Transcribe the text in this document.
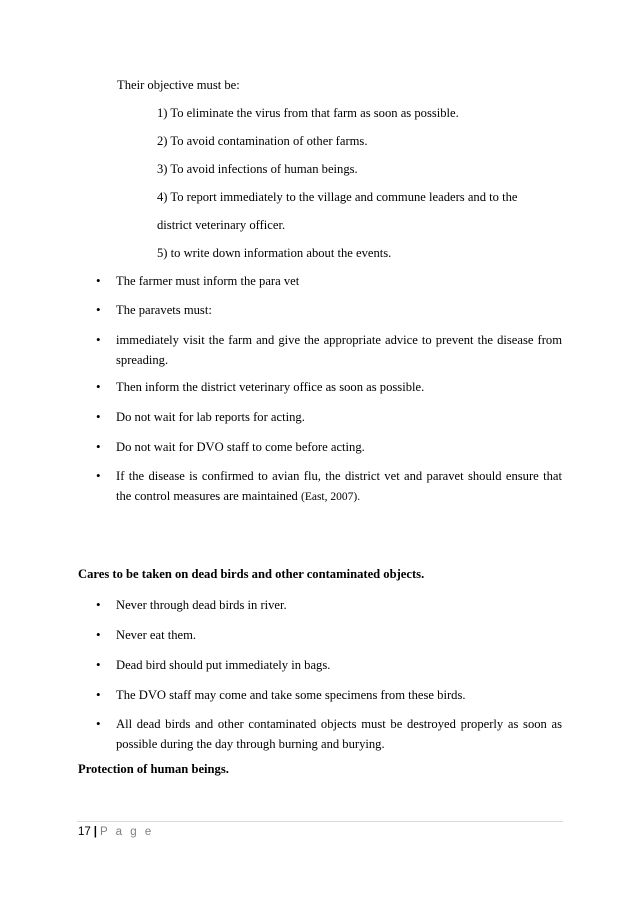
Their objective must be:
1) To eliminate the virus from that farm as soon as possible.
2) To avoid contamination of other farms.
3) To avoid infections of human beings.
4) To report immediately to the village and commune leaders and to the
district veterinary officer.
5) to write down information about the events.
•	The farmer must inform the para vet
•	The paravets must:
•	immediately visit the farm and give the appropriate advice to prevent the disease from spreading.
•	Then inform the district veterinary office as soon as possible.
•	Do not wait for lab reports for acting.
•	Do not wait for DVO staff to come before acting.
•	If the disease is confirmed to avian flu, the district vet and paravet should ensure that the control measures are maintained (East, 2007).
Cares to be taken on dead birds and other contaminated objects.
•	Never through dead birds in river.
•	Never eat them.
•	Dead bird should put immediately in bags.
•	The DVO staff may come and take some specimens from these birds.
•	All dead birds and other contaminated objects must be destroyed properly as soon as possible during the day through burning and burying.
Protection of human beings.
17 | P a g e
